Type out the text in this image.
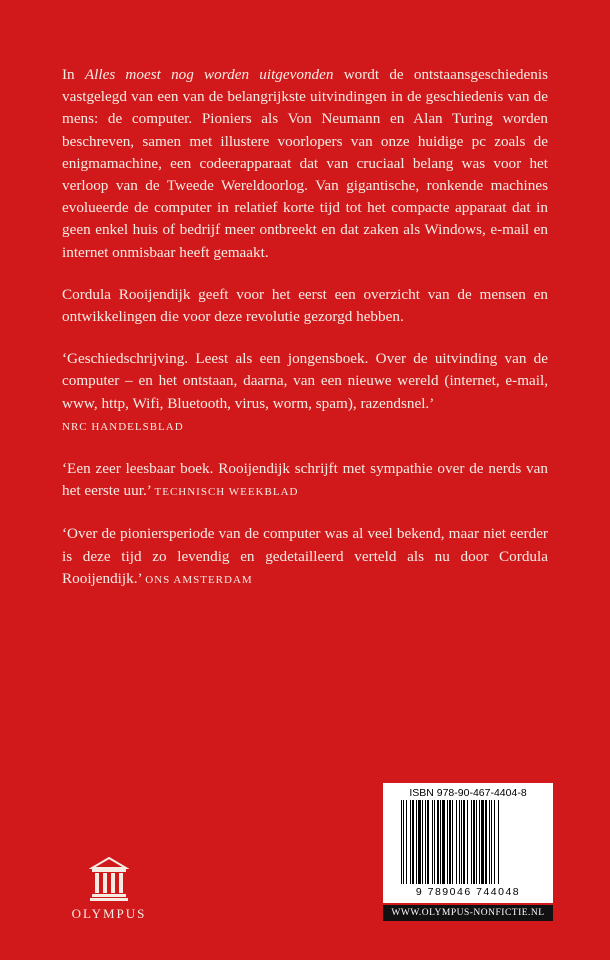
In Alles moest nog worden uitgevonden wordt de ontstaansgeschiedenis vastgelegd van een van de belangrijkste uitvindingen in de geschiedenis van de mens: de computer. Pioniers als Von Neumann en Alan Turing worden beschreven, samen met illustere voorlopers van onze huidige pc zoals de enigmamachine, een codeerapparaat dat van cruciaal belang was voor het verloop van de Tweede Wereldoorlog. Van gigantische, ronkende machines evolueerde de computer in relatief korte tijd tot het compacte apparaat dat in geen enkel huis of bedrijf meer ontbreekt en dat zaken als Windows, e-mail en internet onmisbaar heeft gemaakt.

Cordula Rooijendijk geeft voor het eerst een overzicht van de mensen en ontwikkelingen die voor deze revolutie gezorgd hebben.

‘Geschiedschrijving. Leest als een jongensboek. Over de uitvinding van de computer – en het ontstaan, daarna, van een nieuwe wereld (internet, e-mail, www, http, Wifi, Bluetooth, virus, worm, spam), razendsnel.’
NRC HANDELSBLAD

‘Een zeer leesbaar boek. Rooijendijk schrijft met sympathie over de nerds van het eerste uur.’ TECHNISCH WEEKBLAD

‘Over de pioniersperiode van de computer was al veel bekend, maar niet eerder is deze tijd zo levendig en gedetailleerd verteld als nu door Cordula Rooijendijk.’ ONS AMSTERDAM

OLYMPUS
ISBN 978-90-467-4404-8
9 789046 744048
WWW.OLYMPUS-NONFICTIE.NL
